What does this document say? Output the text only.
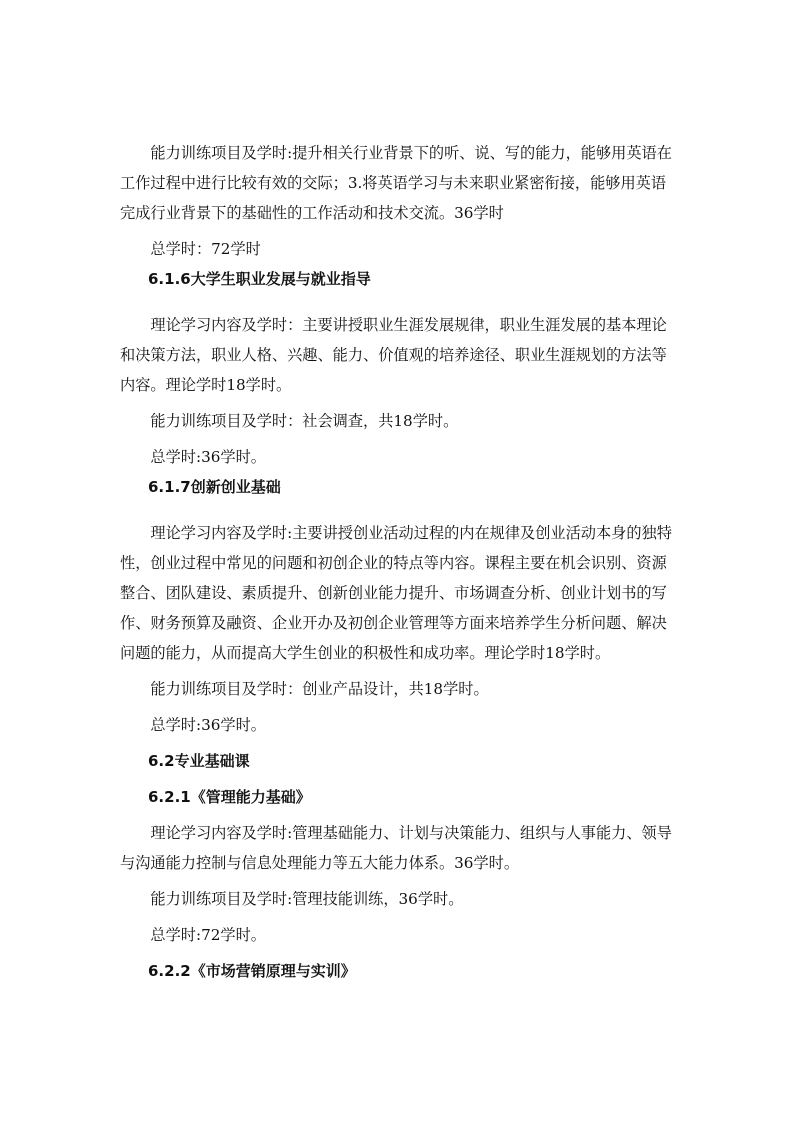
能力训练项目及学时:提升相关行业背景下的听、说、写的能力，能够用英语在工作过程中进行比较有效的交际；3.将英语学习与未来职业紧密衔接，能够用英语完成行业背景下的基础性的工作活动和技术交流。36学时

总学时：72学时

6.1.6大学生职业发展与就业指导

理论学习内容及学时：主要讲授职业生涯发展规律，职业生涯发展的基本理论和决策方法，职业人格、兴趣、能力、价值观的培养途径、职业生涯规划的方法等内容。理论学时18学时。

能力训练项目及学时：社会调查，共18学时。

总学时:36学时。

6.1.7创新创业基础

理论学习内容及学时:主要讲授创业活动过程的内在规律及创业活动本身的独特性，创业过程中常见的问题和初创企业的特点等内容。课程主要在机会识别、资源整合、团队建设、素质提升、创新创业能力提升、市场调查分析、创业计划书的写作、财务预算及融资、企业开办及初创企业管理等方面来培养学生分析问题、解决问题的能力，从而提高大学生创业的积极性和成功率。理论学时18学时。

能力训练项目及学时：创业产品设计，共18学时。

总学时:36学时。

6.2专业基础课

6.2.1《管理能力基础》

理论学习内容及学时:管理基础能力、计划与决策能力、组织与人事能力、领导与沟通能力控制与信息处理能力等五大能力体系。36学时。

能力训练项目及学时:管理技能训练，36学时。

总学时:72学时。

6.2.2《市场营销原理与实训》
